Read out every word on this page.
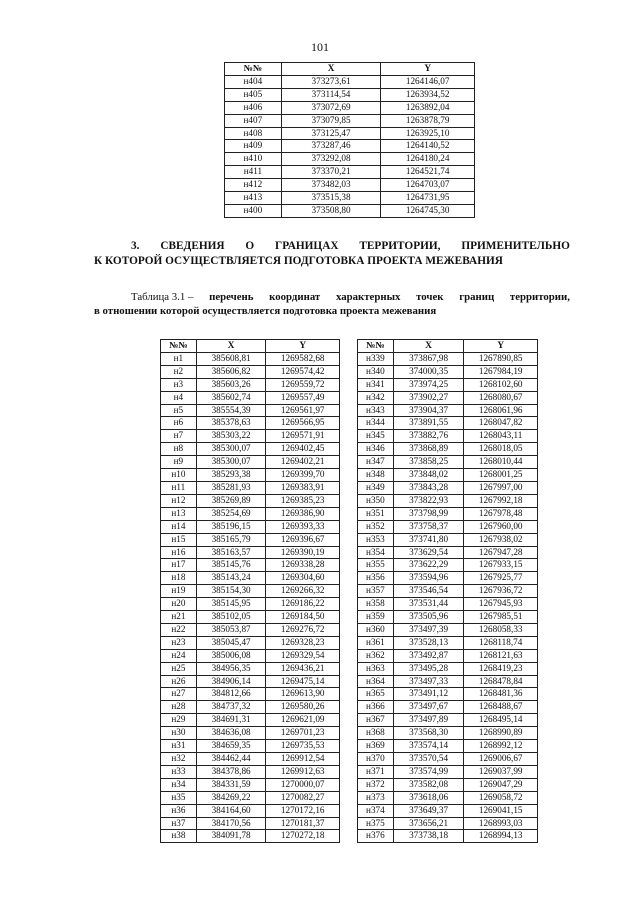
101
№№	X	Y
н404	373273,61	1264146,07
н405	373114,54	1263934,52
н406	373072,69	1263892,04
н407	373079,85	1263878,79
н408	373125,47	1263925,10
н409	373287,46	1264140,52
н410	373292,08	1264180,24
н411	373370,21	1264521,74
н412	373482,03	1264703,07
н413	373515,38	1264731,95
н400	373508,80	1264745,30
3. СВЕДЕНИЯ О ГРАНИЦАХ ТЕРРИТОРИИ, ПРИМЕНИТЕЛЬНО
К КОТОРОЙ ОСУЩЕСТВЛЯЕТСЯ ПОДГОТОВКА ПРОЕКТА МЕЖЕВАНИЯ
Таблица 3.1 – перечень координат характерных точек границ территории,
в отношении которой осуществляется подготовка проекта межевания
№№	X	Y
н1	385608,81	1269582,68
н2	385606,82	1269574,42
н3	385603,26	1269559,72
н4	385602,74	1269557,49
н5	385554,39	1269561,97
н6	385378,63	1269566,95
н7	385303,22	1269571,91
н8	385300,07	1269402,45
н9	385300,07	1269402,21
н10	385293,38	1269399,70
н11	385281,93	1269383,91
н12	385269,89	1269385,23
н13	385254,69	1269386,90
н14	385196,15	1269393,33
н15	385165,79	1269396,67
н16	385163,57	1269390,19
н17	385145,76	1269338,28
н18	385143,24	1269304,60
н19	385154,30	1269266,32
н20	385145,95	1269186,22
н21	385102,05	1269184,50
н22	385053,87	1269276,72
н23	385045,47	1269328,23
н24	385006,08	1269329,54
н25	384956,35	1269436,21
н26	384906,14	1269475,14
н27	384812,66	1269613,90
н28	384737,32	1269580,26
н29	384691,31	1269621,09
н30	384636,08	1269701,23
н31	384659,35	1269735,53
н32	384462,44	1269912,54
н33	384378,86	1269912,63
н34	384331,59	1270000,07
н35	384269,22	1270082,27
н36	384164,60	1270172,16
н37	384170,56	1270181,37
н38	384091,78	1270272,18
№№	X	Y
н339	373867,98	1267890,85
н340	374000,35	1267984,19
н341	373974,25	1268102,60
н342	373902,27	1268080,67
н343	373904,37	1268061,96
н344	373891,55	1268047,82
н345	373882,76	1268043,11
н346	373868,89	1268018,05
н347	373858,25	1268010,44
н348	373848,02	1268001,25
н349	373843,28	1267997,00
н350	373822,93	1267992,18
н351	373798,99	1267978,48
н352	373758,37	1267960,00
н353	373741,80	1267938,02
н354	373629,54	1267947,28
н355	373622,29	1267933,15
н356	373594,96	1267925,77
н357	373546,54	1267936,72
н358	373531,44	1267945,93
н359	373505,96	1267985,51
н360	373497,39	1268058,33
н361	373528,13	1268118,74
н362	373492,87	1268121,63
н363	373495,28	1268419,23
н364	373497,33	1268478,84
н365	373491,12	1268481,36
н366	373497,67	1268488,67
н367	373497,89	1268495,14
н368	373568,30	1268990,89
н369	373574,14	1268992,12
н370	373570,54	1269006,67
н371	373574,99	1269037,99
н372	373582,08	1269047,29
н373	373618,06	1269058,72
н374	373649,37	1269041,15
н375	373656,21	1268993,03
н376	373738,18	1268994,13
